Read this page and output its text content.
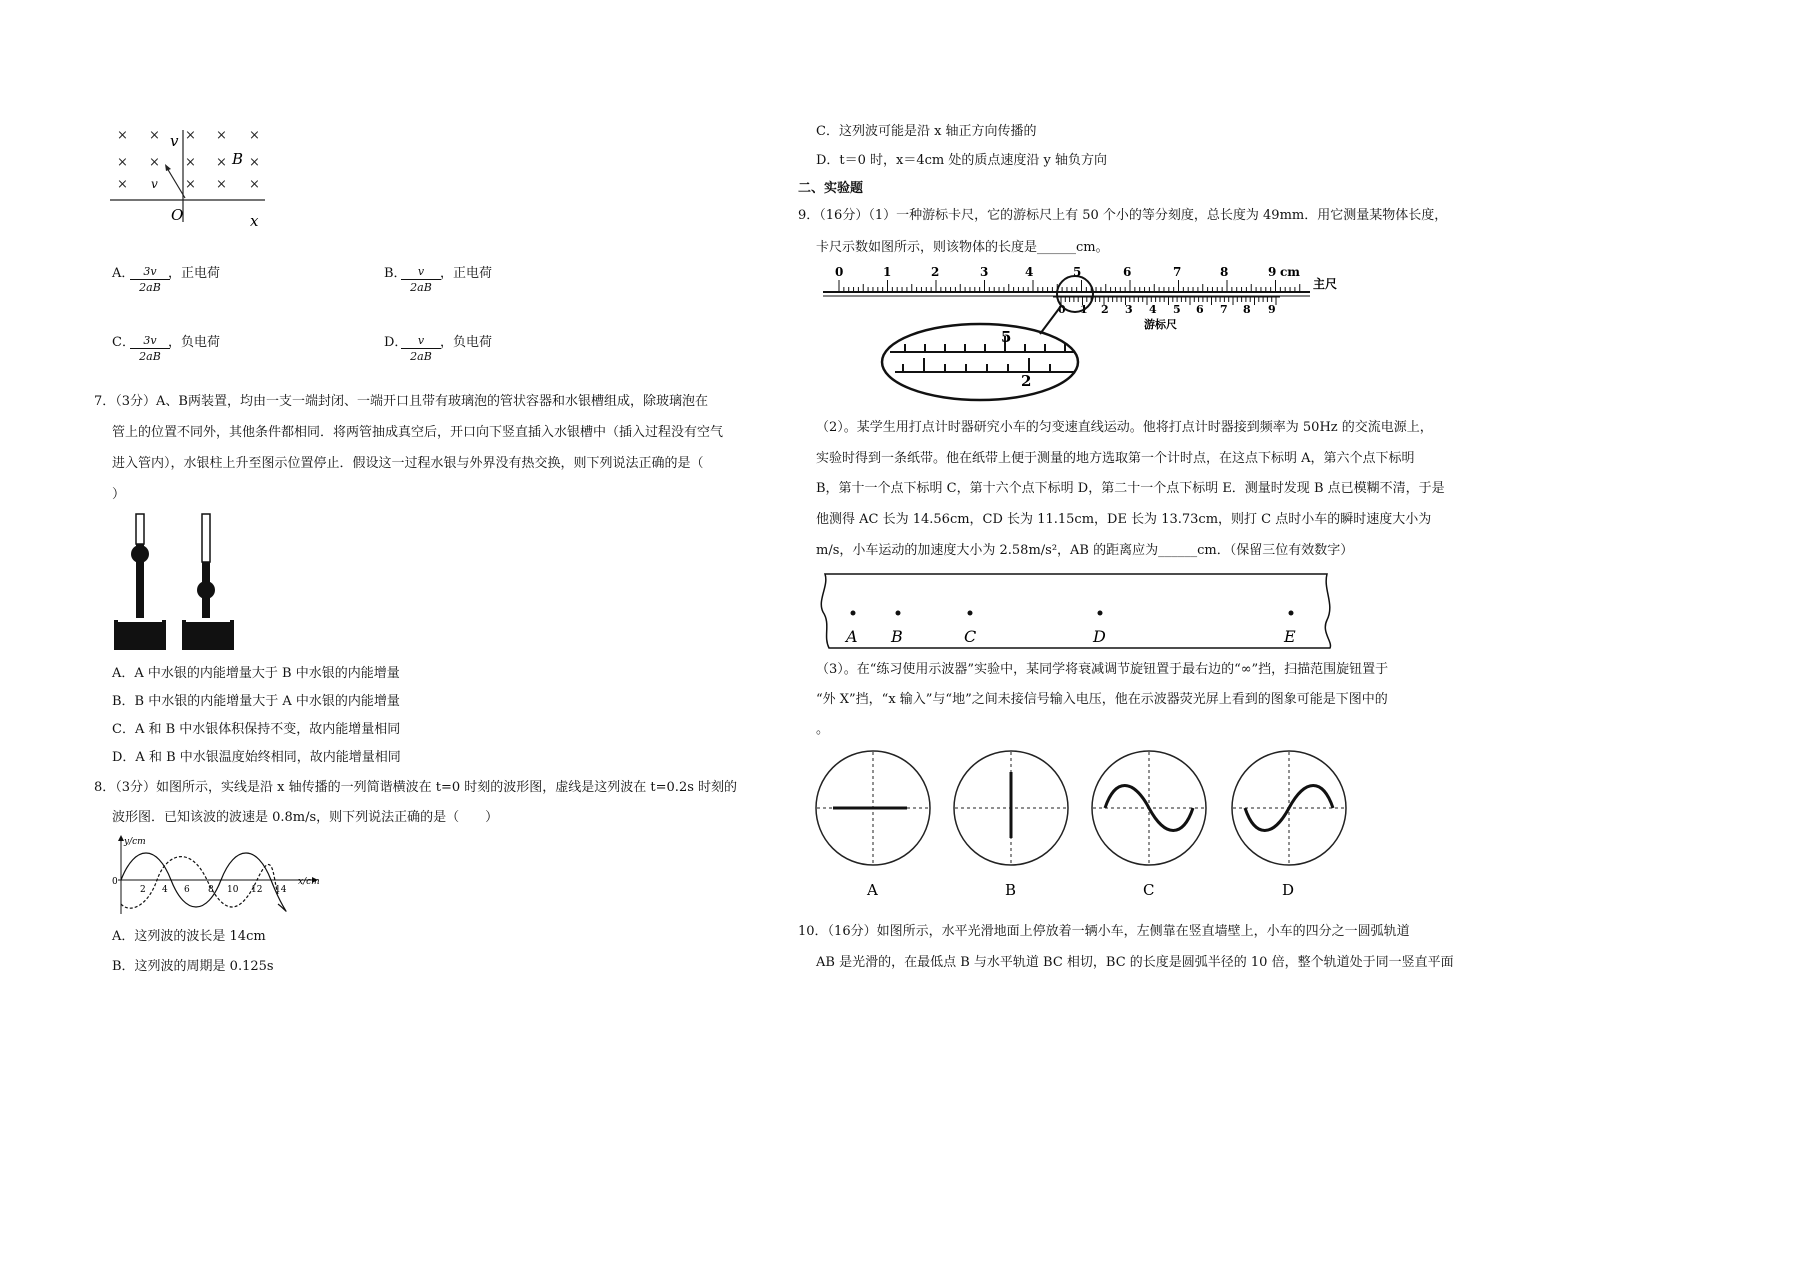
× × × × ×
× × × × ×
×	× × ×
v
B
v
O	x
A．
$\frac{3v}{2aB}$
，正电荷	B．
$\frac{v}{2aB}$ ，正电荷
C．
$\frac{3v}{2aB}$
，负电荷	D．
$\frac{v}{2aB}$ ，负电荷
7．（3分）A、B两装置，均由一支一端封闭、一端开口且带有玻璃泡的管状容器和水银槽组成，除玻璃泡在
管上的位置不同外，其他条件都相同．将两管抽成真空后，开口向下竖直插入水银槽中（插入过程没有空气
进入管内），水银柱上升至图示位置停止．假设这一过程水银与外界没有热交换，则下列说法正确的是（
）
A．A 中水银的内能增量大于 B 中水银的内能增量
B．B 中水银的内能增量大于 A 中水银的内能增量
C．A 和 B 中水银体积保持不变，故内能增量相同
D．A 和 B 中水银温度始终相同，故内能增量相同
8．（3分）如图所示，实线是沿 x 轴传播的一列简谐横波在 t=0 时刻的波形图，虚线是这列波在 t=0.2s 时刻的
波形图．已知该波的波速是 0.8m/s，则下列说法正确的是（　　）
y/cm
x/cm
0
2 4 6 8 10 12 14
A．这列波的波长是 14cm
B．这列波的周期是 0.125s
C．这列波可能是沿 x 轴正方向传播的
D．t＝0 时，x＝4cm 处的质点速度沿 y 轴负方向
二、实验题
9．（16分）（1）一种游标卡尺，它的游标尺上有 50 个小的等分刻度，总长度为 49mm．用它测量某物体长度，
卡尺示数如图所示，则该物体的长度是______cm。
0	1	2	3	4	5	6	7	8	9 cm
主尺
0 1 2 3 4 5 6 7 8 9
游标尺
5
2
（2）。某学生用打点计时器研究小车的匀变速直线运动。他将打点计时器接到频率为 50Hz 的交流电源上，
实验时得到一条纸带。他在纸带上便于测量的地方选取第一个计时点，在这点下标明 A，第六个点下标明
B，第十一个点下标明 C，第十六个点下标明 D，第二十一个点下标明 E．测量时发现 B 点已模糊不清，于是
他测得 AC 长为 14.56cm，CD 长为 11.15cm，DE 长为 13.73cm，则打 C 点时小车的瞬时速度大小为
m/s，小车运动的加速度大小为 2.58m/s²，AB 的距离应为______cm．（保留三位有效数字）
A B	C	D	E
（3）。在“练习使用示波器”实验中，某同学将衰减调节旋钮置于最右边的“∞”挡，扫描范围旋钮置于
“外 X”挡，“x 输入”与“地”之间未接信号输入电压，他在示波器荧光屏上看到的图象可能是下图中的
。
A	B	C	D
10．（16分）如图所示，水平光滑地面上停放着一辆小车，左侧靠在竖直墙壁上，小车的四分之一圆弧轨道
AB 是光滑的，在最低点 B 与水平轨道 BC 相切，BC 的长度是圆弧半径的 10 倍，整个轨道处于同一竖直平面
